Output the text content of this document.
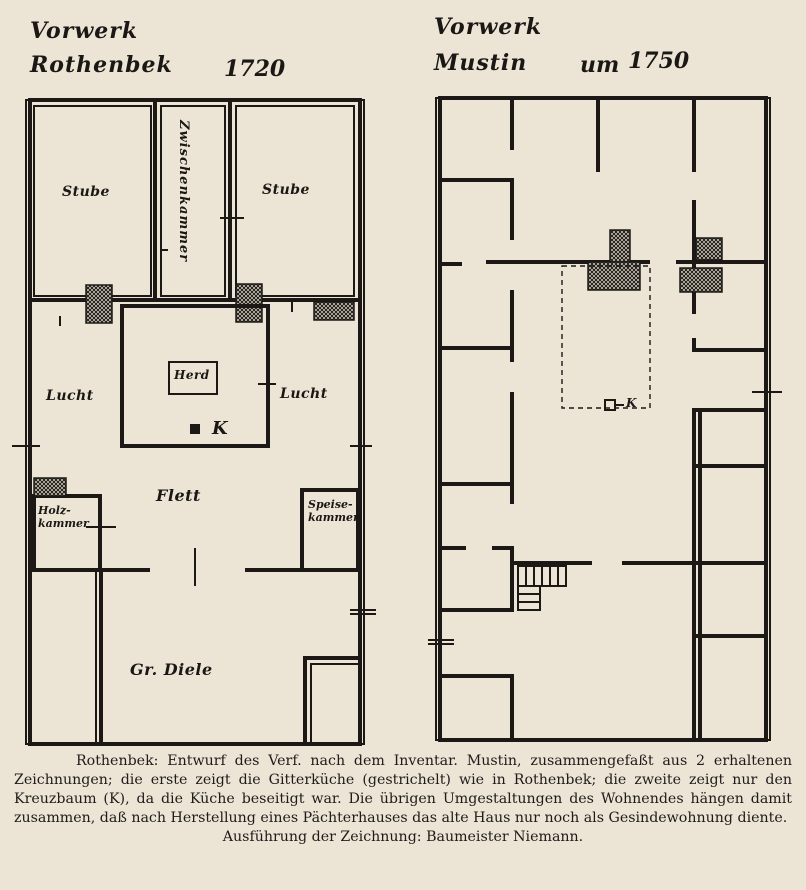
Vorwerk
Rothenbek 1720
Vorwerk
Mustin um 1750
Stube	Stube
Zwischenkammer
Herd
K
Lucht	Lucht
Flett
Holz-
kammer
Speise-
kammer
Gr. Diele
K

Rothenbek: Entwurf des Verf. nach dem Inventar. Mustin, zusammengefaßt aus 2 erhaltenen Zeichnungen; die erste zeigt die Gitterküche (gestrichelt) wie in Rothenbek; die zweite zeigt nur den Kreuzbaum (K), da die Küche beseitigt war. Die übrigen Umgestaltungen des Wohnendes hängen damit zusammen, daß nach Herstellung eines Pächterhauses das alte Haus nur noch als Gesindewohnung diente.

Ausführung der Zeichnung: Baumeister Niemann.
